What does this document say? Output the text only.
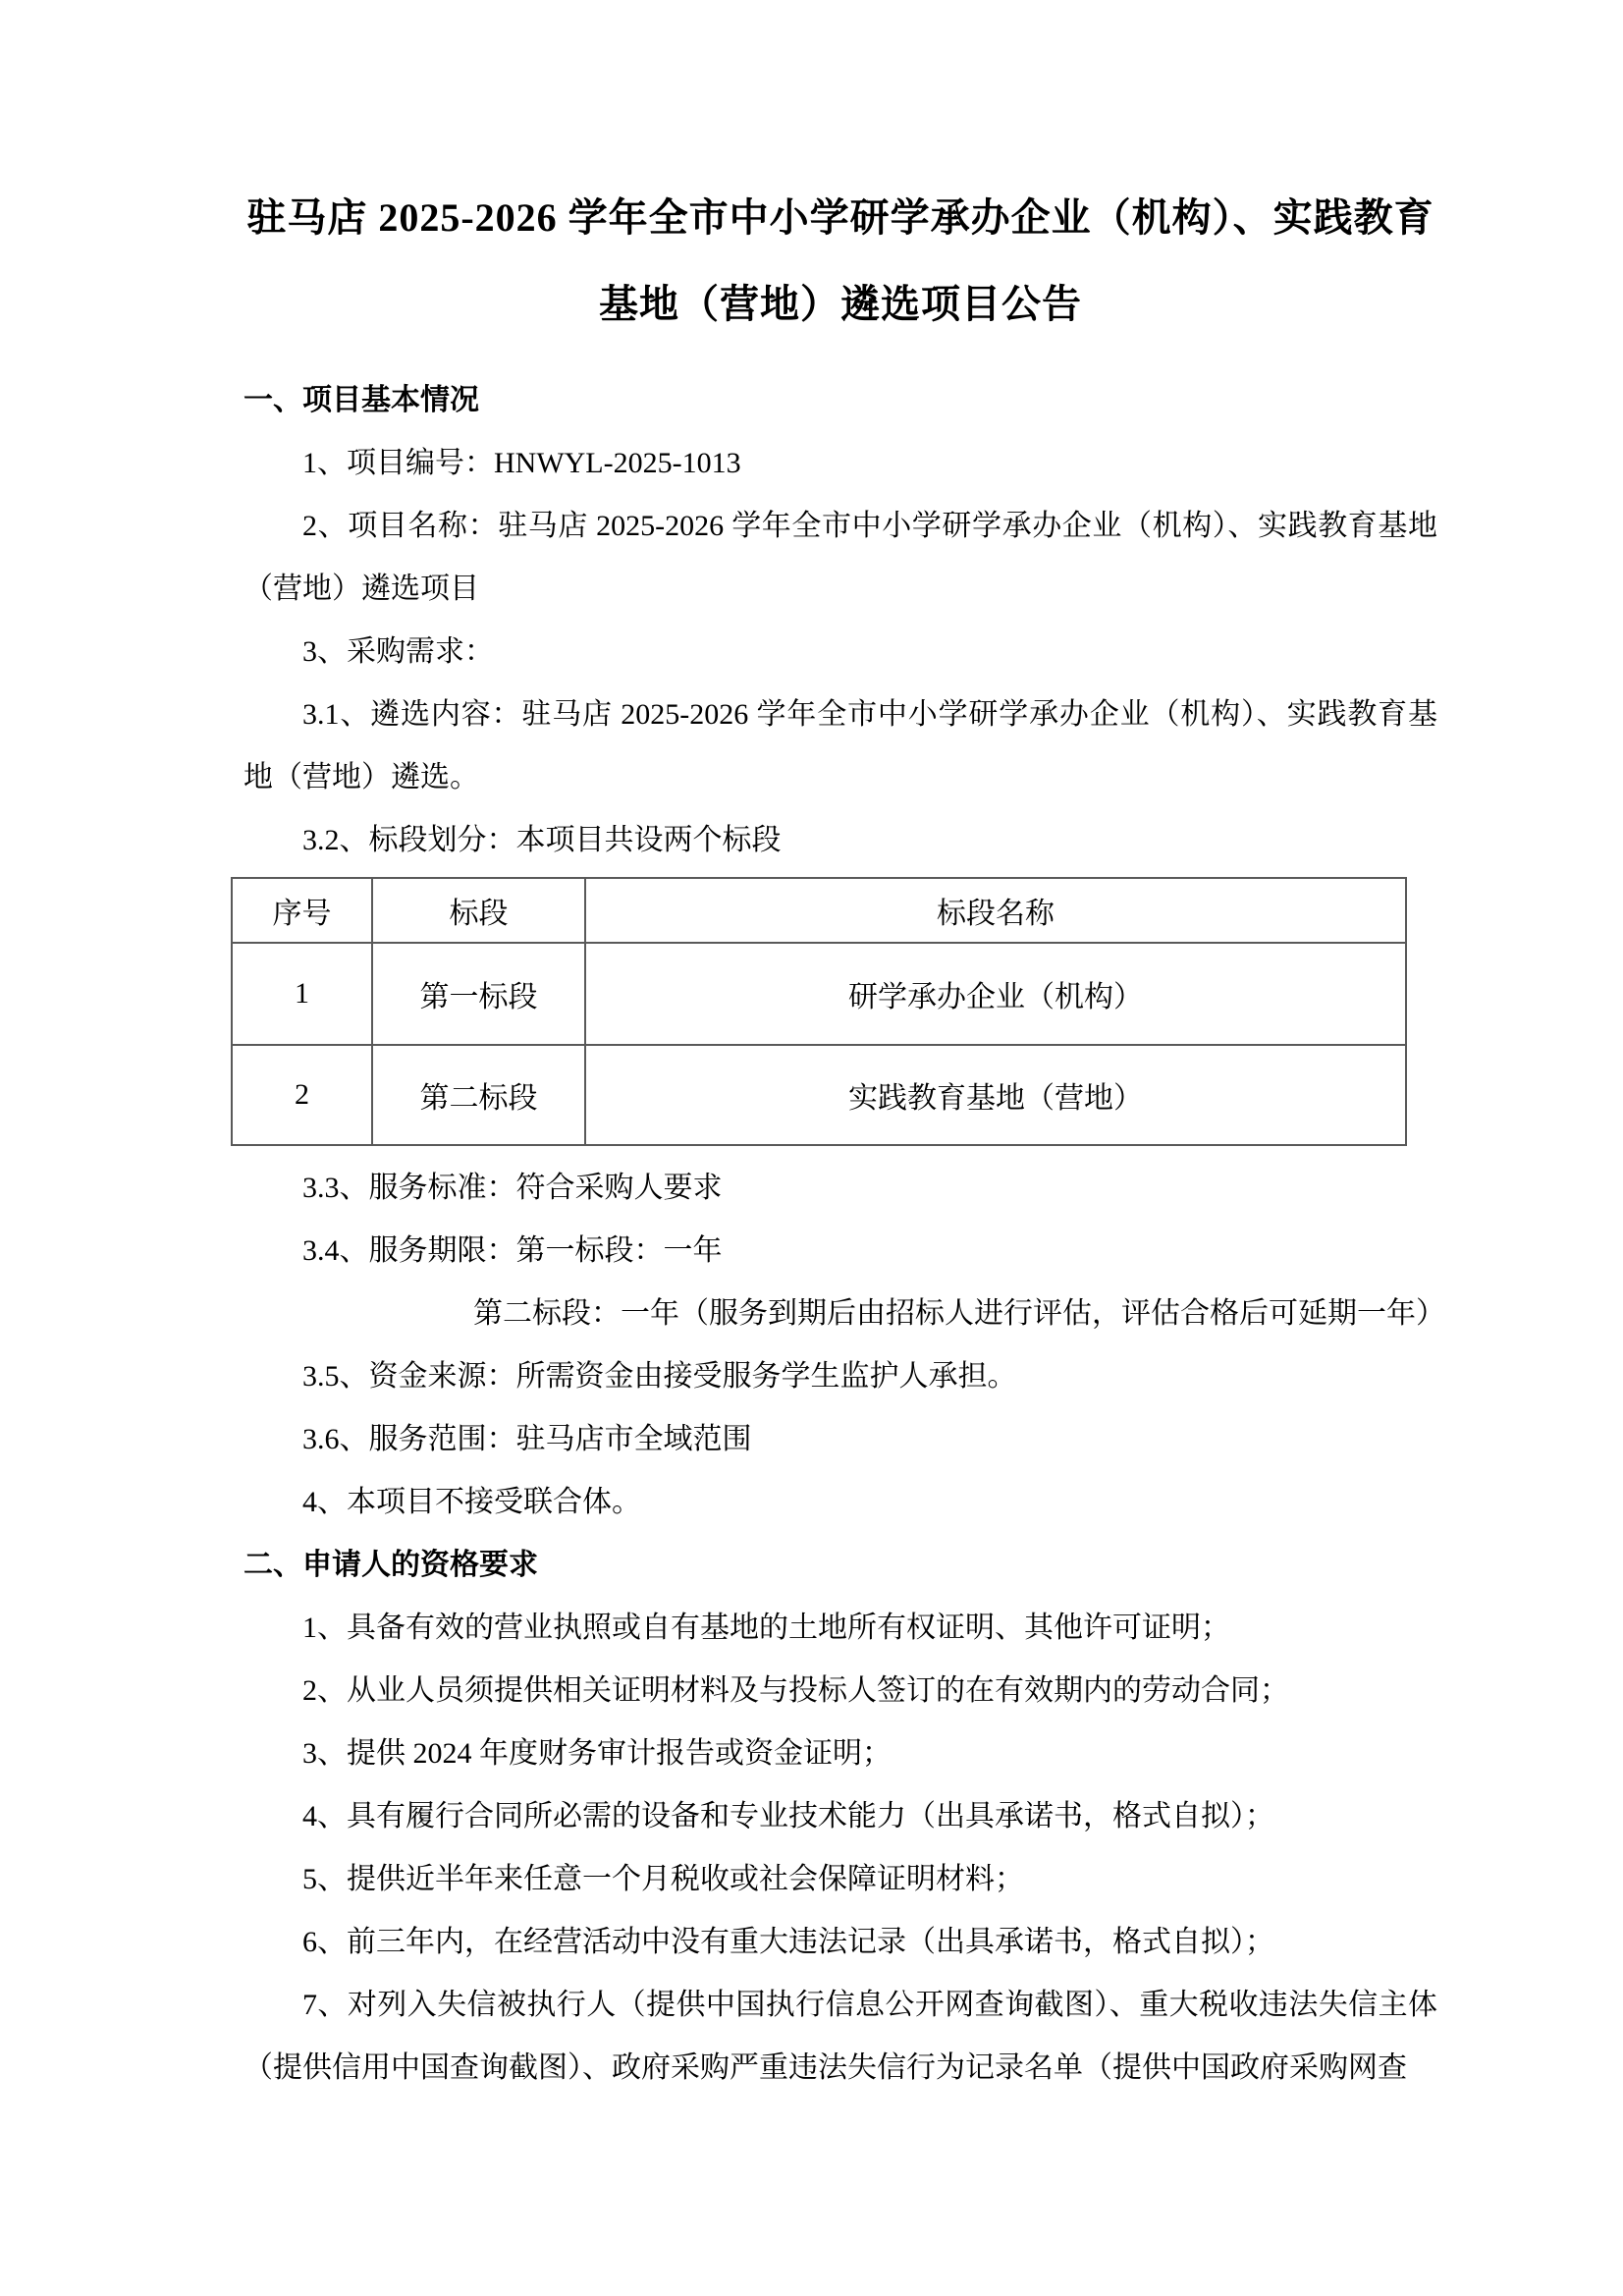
驻马店 2025-2026 学年全市中小学研学承办企业（机构）、实践教育
基地（营地）遴选项目公告
一、项目基本情况
1、项目编号：HNWYL-2025-1013
2、项目名称：驻马店 2025-2026 学年全市中小学研学承办企业（机构）、实践教育基地（营地）遴选项目
3、采购需求：
3.1、遴选内容：驻马店 2025-2026 学年全市中小学研学承办企业（机构）、实践教育基地（营地）遴选。
3.2、标段划分：本项目共设两个标段
序号	标段	标段名称
1	第一标段	研学承办企业（机构）
2	第二标段	实践教育基地（营地）
3.3、服务标准：符合采购人要求
3.4、服务期限：第一标段：一年
第二标段：一年（服务到期后由招标人进行评估，评估合格后可延期一年）
3.5、资金来源：所需资金由接受服务学生监护人承担。
3.6、服务范围：驻马店市全域范围
4、本项目不接受联合体。
二、申请人的资格要求
1、具备有效的营业执照或自有基地的土地所有权证明、其他许可证明；
2、从业人员须提供相关证明材料及与投标人签订的在有效期内的劳动合同；
3、提供 2024 年度财务审计报告或资金证明；
4、具有履行合同所必需的设备和专业技术能力（出具承诺书，格式自拟）；
5、提供近半年来任意一个月税收或社会保障证明材料；
6、前三年内，在经营活动中没有重大违法记录（出具承诺书，格式自拟）；
7、对列入失信被执行人（提供中国执行信息公开网查询截图）、重大税收违法失信主体（提供信用中国查询截图）、政府采购严重违法失信行为记录名单（提供中国政府采购网查
